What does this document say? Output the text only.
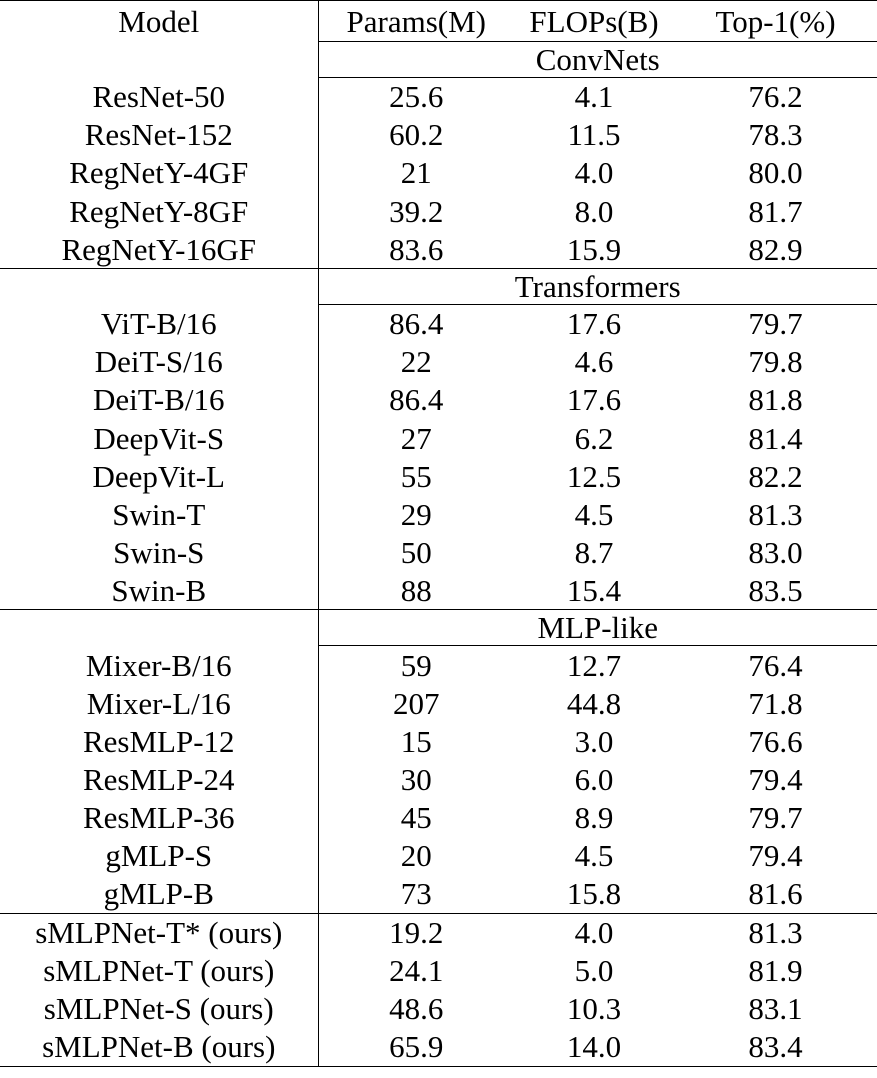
Model	Params(M)	FLOPs(B)	Top-1(%)
	ConvNets		
ResNet-50	25.6	4.1	76.2
ResNet-152	60.2	11.5	78.3
RegNetY-4GF	21	4.0	80.0
RegNetY-8GF	39.2	8.0	81.7
RegNetY-16GF	83.6	15.9	82.9
	Transformers		
ViT-B/16	86.4	17.6	79.7
DeiT-S/16	22	4.6	79.8
DeiT-B/16	86.4	17.6	81.8
DeepVit-S	27	6.2	81.4
DeepVit-L	55	12.5	82.2
Swin-T	29	4.5	81.3
Swin-S	50	8.7	83.0
Swin-B	88	15.4	83.5
	MLP-like		
Mixer-B/16	59	12.7	76.4
Mixer-L/16	207	44.8	71.8
ResMLP-12	15	3.0	76.6
ResMLP-24	30	6.0	79.4
ResMLP-36	45	8.9	79.7
gMLP-S	20	4.5	79.4
gMLP-B	73	15.8	81.6
sMLPNet-T* (ours)	19.2	4.0	81.3
sMLPNet-T (ours)	24.1	5.0	81.9
sMLPNet-S (ours)	48.6	10.3	83.1
sMLPNet-B (ours)	65.9	14.0	83.4
